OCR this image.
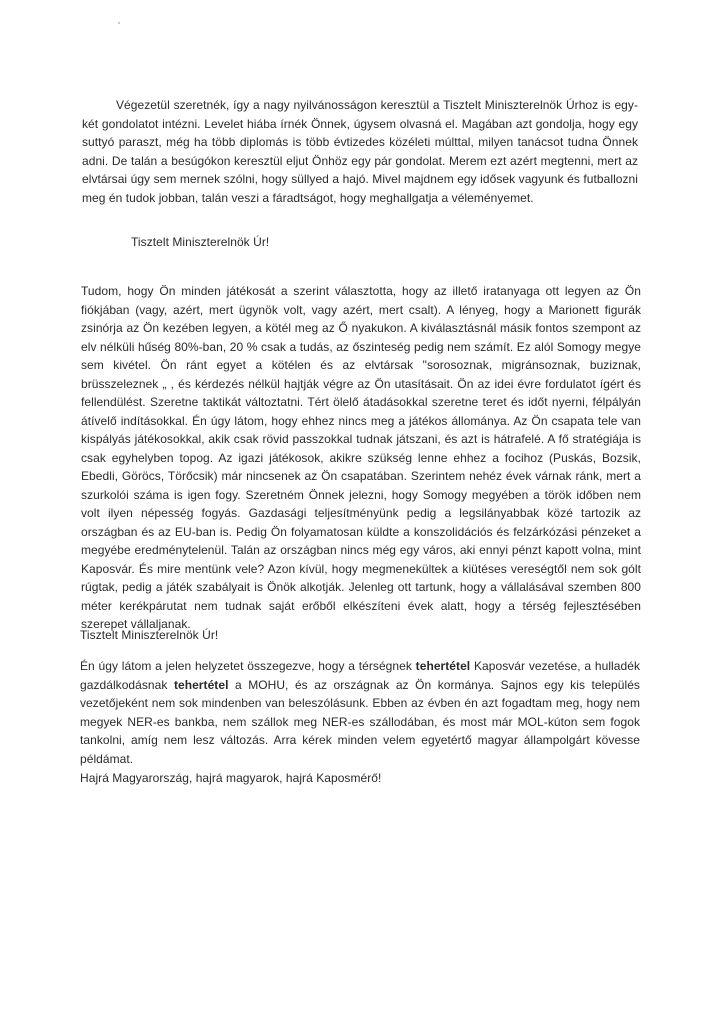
Végezetül szeretnék, így a nagy nyilvánosságon keresztül a Tisztelt Miniszterelnök Úrhoz is egy-két gondolatot intézni. Levelet hiába írnék Önnek, úgysem olvasná el. Magában azt gondolja, hogy egy suttyó paraszt, még ha több diplomás is több évtizedes közéleti múlttal, milyen tanácsot tudna Önnek adni. De talán a besúgókon keresztül eljut Önhöz egy pár gondolat. Merem ezt azért megtenni, mert az elvtársai úgy sem mernek szólni, hogy süllyed a hajó. Mivel majdnem egy idősek vagyunk és futballozni meg én tudok jobban, talán veszi a fáradtságot, hogy meghallgatja a véleményemet.

Tisztelt Miniszterelnök Úr!

Tudom, hogy Ön minden játékosát a szerint választotta, hogy az illető iratanyaga ott legyen az Ön fiókjában (vagy, azért, mert ügynök volt, vagy azért, mert csalt). A lényeg, hogy a Marionett figurák zsinórja az Ön kezében legyen, a kötél meg az Ő nyakukon. A kiválasztásnál másik fontos szempont az elv nélküli hűség 80%-ban, 20 % csak a tudás, az őszinteség pedig nem számít. Ez alól Somogy megye sem kivétel. Ön ránt egyet a kötélen és az elvtársak "sorosoznak, migránsoznak, buziznak, brüsszeleznek „ , és kérdezés nélkül hajtják végre az Ön utasításait. Ön az idei évre fordulatot ígért és fellendülést. Szeretne taktikát változtatni. Tért ölelő átadásokkal szeretne teret és időt nyerni, félpályán átívelő indításokkal. Én úgy látom, hogy ehhez nincs meg a játékos állománya. Az Ön csapata tele van kispályás játékosokkal, akik csak rövid passzokkal tudnak játszani, és azt is hátrafelé. A fő stratégiája is csak egyhelyben topog. Az igazi játékosok, akikre szükség lenne ehhez a focihoz (Puskás, Bozsik, Ebedli, Göröcs, Törőcsik) már nincsenek az Ön csapatában. Szerintem nehéz évek várnak ránk, mert a szurkolói száma is igen fogy. Szeretném Önnek jelezni, hogy Somogy megyében a török időben nem volt ilyen népesség fogyás. Gazdasági teljesítményünk pedig a legsilányabbak közé tartozik az országban és az EU-ban is. Pedig Ön folyamatosan küldte a konszolidációs és felzárkózási pénzeket a megyébe eredménytelenül. Talán az országban nincs még egy város, aki ennyi pénzt kapott volna, mint Kaposvár. És mire mentünk vele? Azon kívül, hogy megmenekültek a kiütéses vereségtől nem sok gólt rúgtak, pedig a játék szabályait is Önök alkotják. Jelenleg ott tartunk, hogy a vállalásával szemben 800 méter kerékpárutat nem tudnak saját erőből elkészíteni évek alatt, hogy a térség fejlesztésében szerepet vállaljanak.

Tisztelt Miniszterelnök Úr!

Én úgy látom a jelen helyzetet összegezve, hogy a térségnek tehertétel Kaposvár vezetése, a hulladék gazdálkodásnak tehertétel a MOHU, és az országnak az Ön kormánya. Sajnos egy kis település vezetőjeként nem sok mindenben van beleszólásunk. Ebben az évben én azt fogadtam meg, hogy nem megyek NER-es bankba, nem szállok meg NER-es szállodában, és most már MOL-kúton sem fogok tankolni, amíg nem lesz változás. Arra kérek minden velem egyetértő magyar állampolgárt kövesse példámat.

Hajrá Magyarország, hajrá magyarok, hajrá Kaposmérő!
